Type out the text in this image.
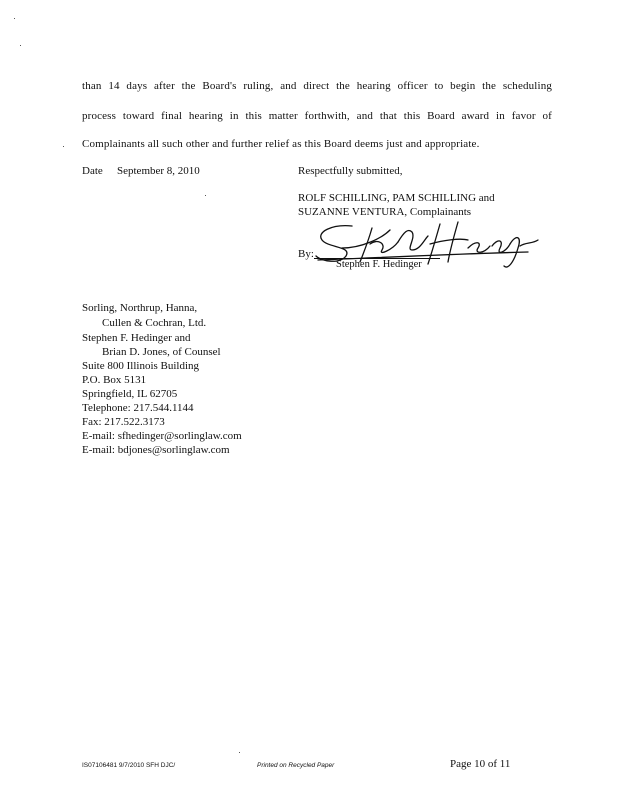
than 14 days after the Board's ruling, and direct the hearing officer to begin the scheduling
process toward final hearing in this matter forthwith, and that this Board award in favor of
Complainants all such other and further relief as this Board deems just and appropriate.
Date September 8, 2010	Respectfully submitted,
ROLF SCHILLING, PAM SCHILLING and
SUZANNE VENTURA, Complainants
By:
Stephen F. Hedinger
Sorling, Northrup, Hanna,
Cullen & Cochran, Ltd.
Stephen F. Hedinger and
Brian D. Jones, of Counsel
Suite 800 Illinois Building
P.O. Box 5131
Springfield, IL 62705
Telephone: 217.544.1144
Fax: 217.522.3173
E-mail: sfhedinger@sorlinglaw.com
E-mail: bdjones@sorlinglaw.com
IS07106481 9/7/2010 SFH DJC/	Printed on Recycled Paper	Page 10 of 11
